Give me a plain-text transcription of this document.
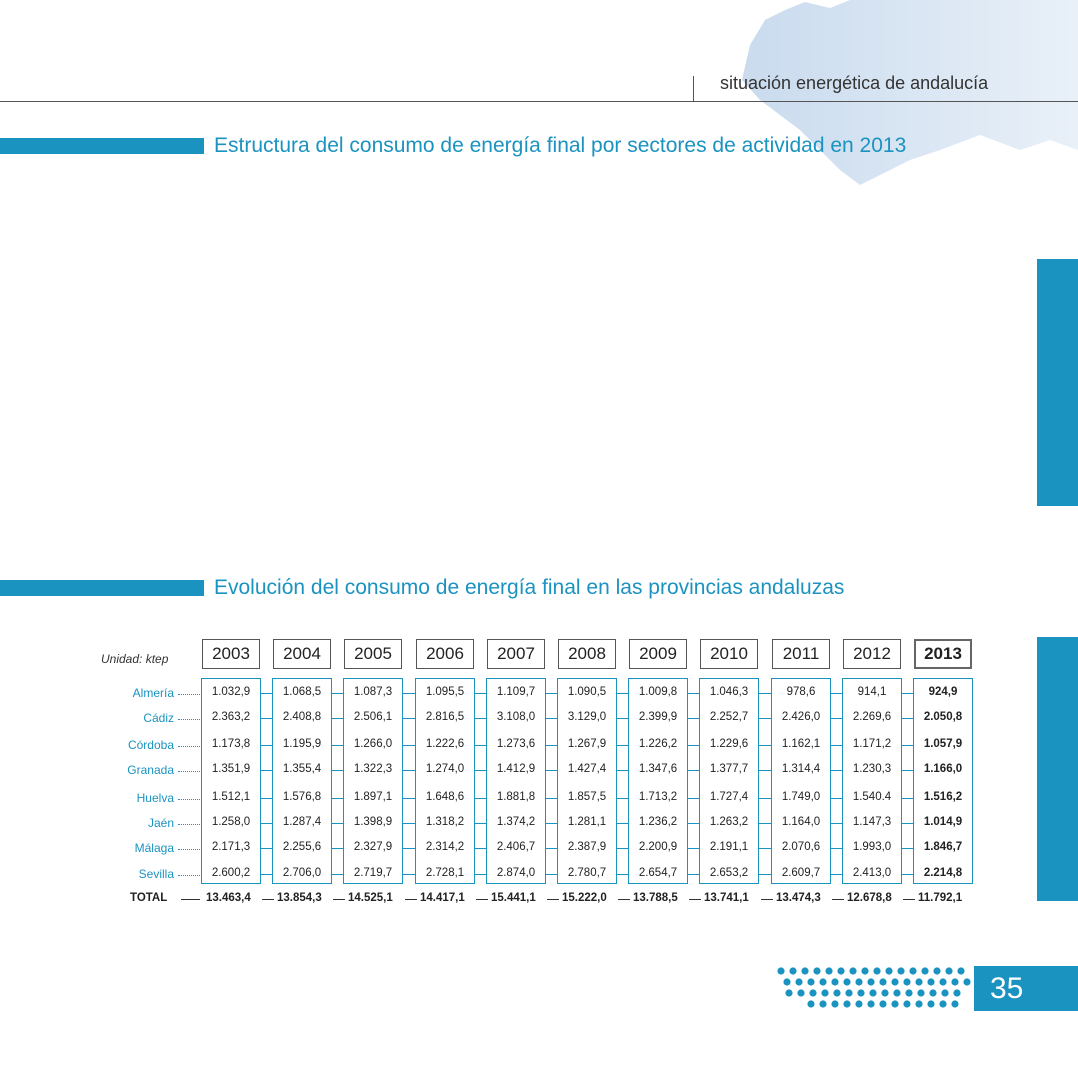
situación energética de andalucía
Estructura del consumo de energía final por sectores de actividad en 2013
Evolución del consumo de energía final en las provincias andaluzas
Unidad: ktep	2003
1.032,9
2.363,2
1.173,8
1.351,9
1.512,1
1.258,0
2.171,3
2.600,2
13.463,4
2004
1.068,5
2.408,8
1.195,9
1.355,4
1.576,8
1.287,4
2.255,6
2.706,0
13.854,3
2005
1.087,3
2.506,1
1.266,0
1.322,3
1.897,1
1.398,9
2.327,9
2.719,7
14.525,1
2006
1.095,5
2.816,5
1.222,6
1.274,0
1.648,6
1.318,2
2.314,2
2.728,1
14.417,1
2007
1.109,7
3.108,0
1.273,6
1.412,9
1.881,8
1.374,2
2.406,7
2.874,0
15.441,1
2008
1.090,5
3.129,0
1.267,9
1.427,4
1.857,5
1.281,1
2.387,9
2.780,7
15.222,0
2009
1.009,8
2.399,9
1.226,2
1.347,6
1.713,2
1.236,2
2.200,9
2.654,7
13.788,5
2010
1.046,3
2.252,7
1.229,6
1.377,7
1.727,4
1.263,2
2.191,1
2.653,2
13.741,1
2011
978,6
2.426,0
1.162,1
1.314,4
1.749,0
1.164,0
2.070,6
2.609,7
13.474,3
2012
914,1
2.269,6
1.171,2
1.230,3
1.540.4
1.147,3
1.993,0
2.413,0
12.678,8
2013
924,9
2.050,8
1.057,9
1.166,0
1.516,2
1.014,9
1.846,7
2.214,8
11.792,1
Almería
Cádiz
Córdoba
Granada
Huelva
Jaén
Málaga
Sevilla
TOTAL
35
